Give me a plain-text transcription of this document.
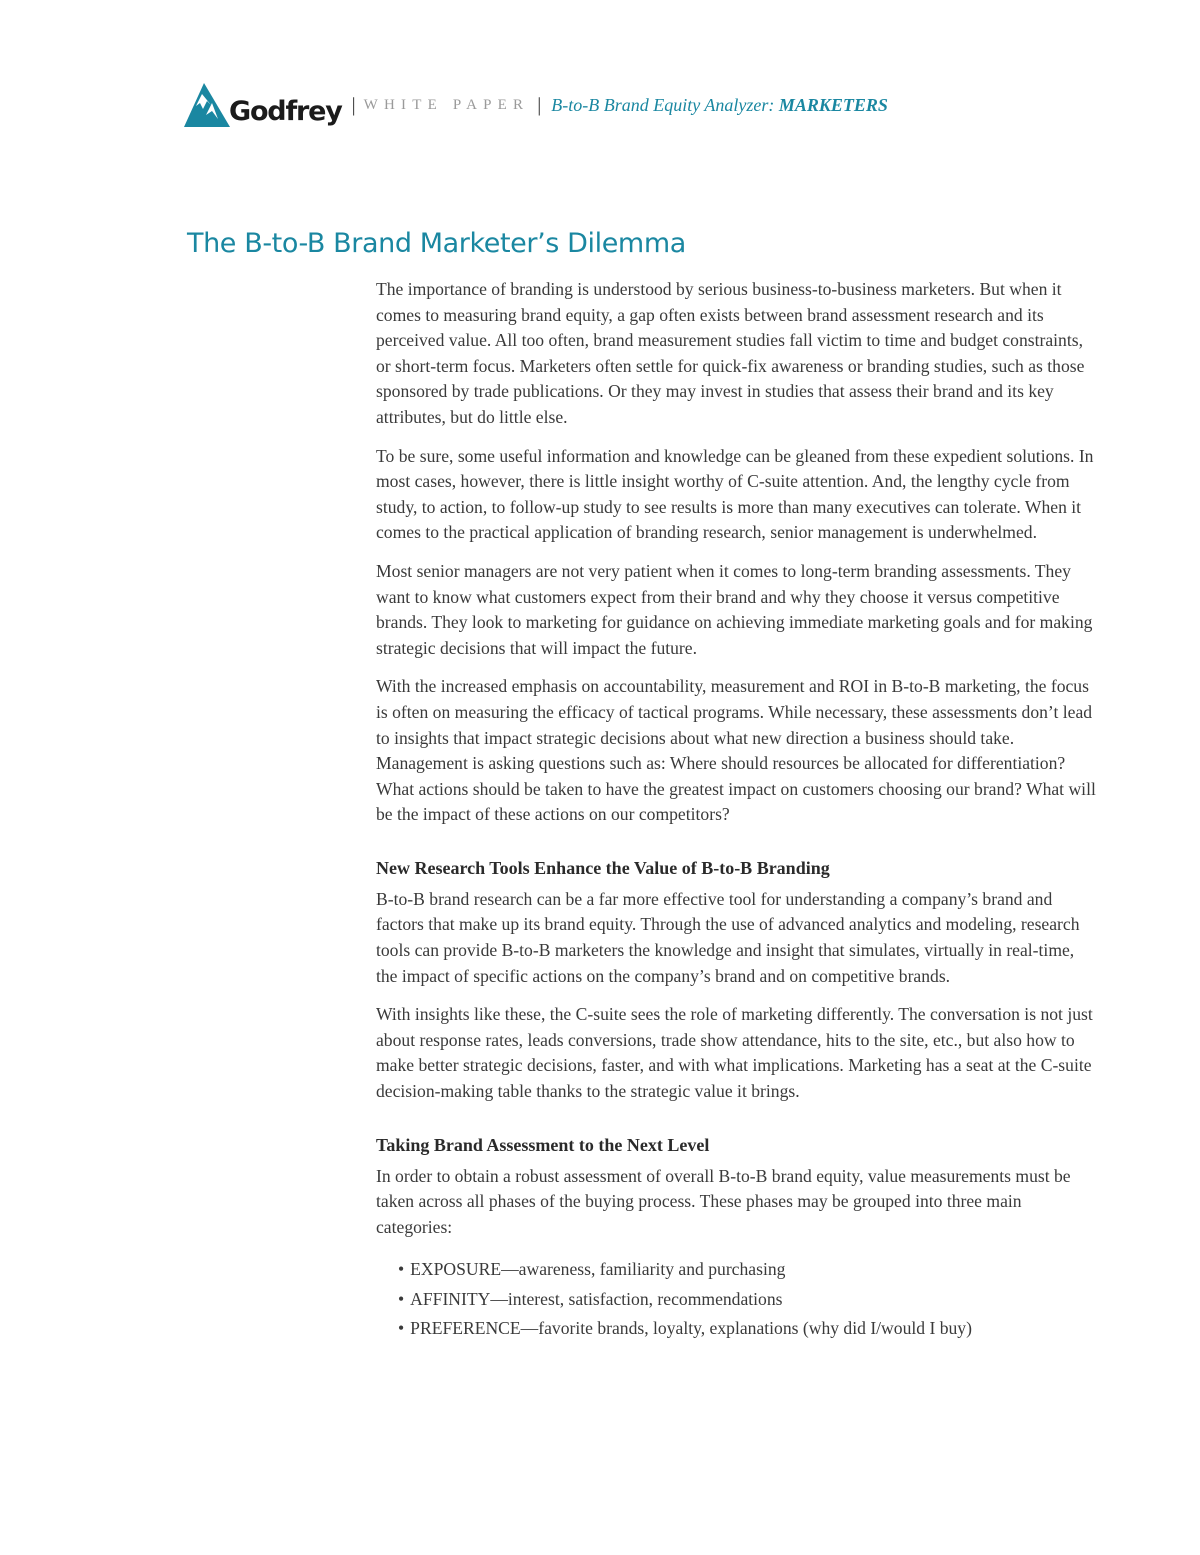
Godfrey | WHITE PAPER | B-to-B Brand Equity Analyzer: MARKETERS
The B-to-B Brand Marketer’s Dilemma

The importance of branding is understood by serious business-to-business marketers. But when it comes to measuring brand equity, a gap often exists between brand assessment research and its perceived value. All too often, brand measurement studies fall victim to time and budget constraints, or short-term focus. Marketers often settle for quick-fix awareness or branding studies, such as those sponsored by trade publications. Or they may invest in studies that assess their brand and its key attributes, but do little else.

To be sure, some useful information and knowledge can be gleaned from these expedient solutions. In most cases, however, there is little insight worthy of C-suite attention. And, the lengthy cycle from study, to action, to follow-up study to see results is more than many executives can tolerate. When it comes to the practical application of branding research, senior management is underwhelmed.

Most senior managers are not very patient when it comes to long-term branding assessments. They want to know what customers expect from their brand and why they choose it versus competitive brands. They look to marketing for guidance on achieving immediate marketing goals and for making strategic decisions that will impact the future.

With the increased emphasis on accountability, measurement and ROI in B-to-B marketing, the focus is often on measuring the efficacy of tactical programs. While necessary, these assessments don’t lead to insights that impact strategic decisions about what new direction a business should take. Management is asking questions such as: Where should resources be allocated for differentiation? What actions should be taken to have the greatest impact on customers choosing our brand? What will be the impact of these actions on our competitors?

New Research Tools Enhance the Value of B-to-B Branding

B-to-B brand research can be a far more effective tool for understanding a company’s brand and factors that make up its brand equity. Through the use of advanced analytics and modeling, research tools can provide B-to-B marketers the knowledge and insight that simulates, virtually in real-time, the impact of specific actions on the company’s brand and on competitive brands.

With insights like these, the C-suite sees the role of marketing differently. The conversation is not just about response rates, leads conversions, trade show attendance, hits to the site, etc., but also how to make better strategic decisions, faster, and with what implications. Marketing has a seat at the C-suite decision-making table thanks to the strategic value it brings.

Taking Brand Assessment to the Next Level

In order to obtain a robust assessment of overall B-to-B brand equity, value measurements must be taken across all phases of the buying process. These phases may be grouped into three main categories:

• EXPOSURE—awareness, familiarity and purchasing
• AFFINITY—interest, satisfaction, recommendations
• PREFERENCE—favorite brands, loyalty, explanations (why did I/would I buy)
